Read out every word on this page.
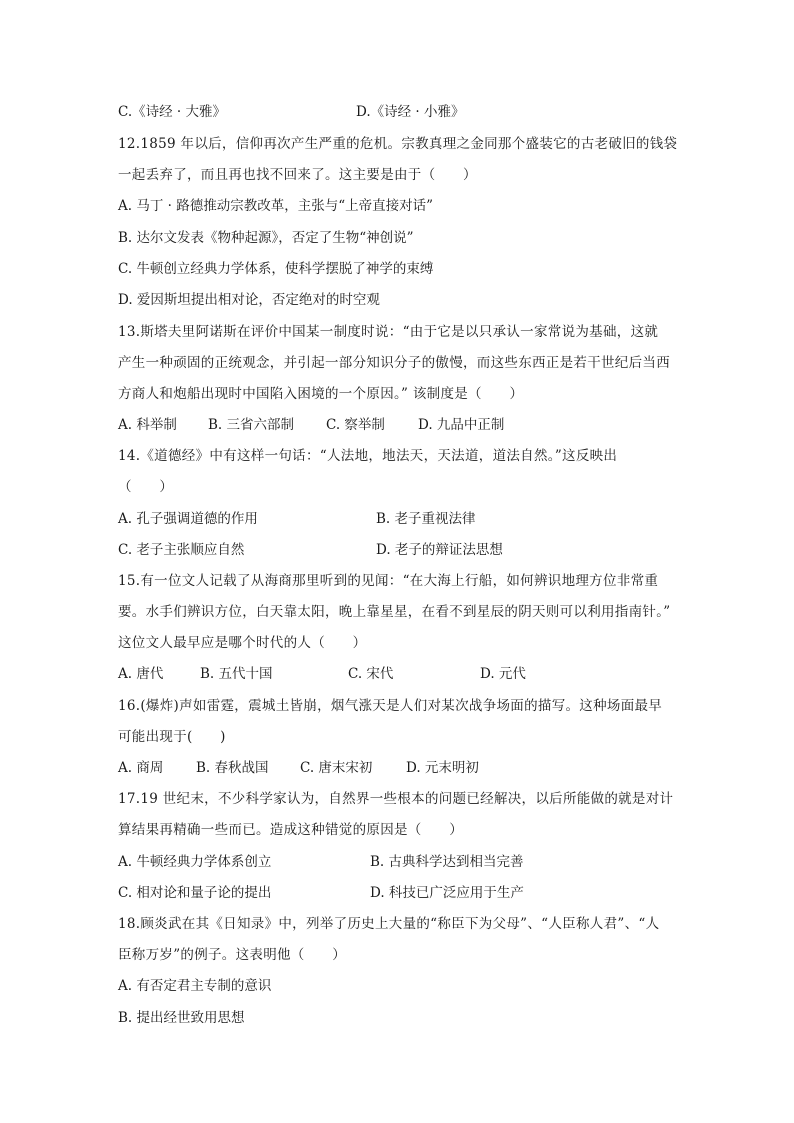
C.《诗经 · 大雅》	D.《诗经 · 小雅》
12.1859 年以后，信仰再次产生严重的危机。宗教真理之金同那个盛装它的古老破旧的钱袋
一起丢弃了，而且再也找不回来了。这主要是由于（　　）
A. 马丁 · 路德推动宗教改革，主张与“上帝直接对话”
B. 达尔文发表《物种起源》，否定了生物“神创说”
C. 牛顿创立经典力学体系，使科学摆脱了神学的束缚
D. 爱因斯坦提出相对论，否定绝对的时空观
13.斯塔夫里阿诺斯在评价中国某一制度时说：“由于它是以只承认一家常说为基础，这就
产生一种顽固的正统观念，并引起一部分知识分子的傲慢，而这些东西正是若干世纪后当西
方商人和炮船出现时中国陷入困境的一个原因。” 该制度是（　　）
A. 科举制 B. 三省六部制 C. 察举制 D. 九品中正制
14.《道德经》中有这样一句话：“人法地，地法天，天法道，道法自然。”这反映出
（　　）
A. 孔子强调道德的作用	B. 老子重视法律
C. 老子主张顺应自然	D. 老子的辩证法思想
15.有一位文人记载了从海商那里听到的见闻：“在大海上行船，如何辨识地理方位非常重
要。水手们辨识方位，白天靠太阳，晚上靠星星，在看不到星辰的阴天则可以利用指南针。”
这位文人最早应是哪个时代的人（　　）
A. 唐代	B. 五代十国	C. 宋代	D. 元代
16.(爆炸)声如雷霆，震城土皆崩，烟气涨天是人们对某次战争场面的描写。这种场面最早
可能出现于(　　)
A. 商周 B. 春秋战国 C. 唐末宋初 D. 元末明初
17.19 世纪末，不少科学家认为，自然界一些根本的问题已经解决，以后所能做的就是对计
算结果再精确一些而已。造成这种错觉的原因是（　　）
A. 牛顿经典力学体系创立	B. 古典科学达到相当完善
C. 相对论和量子论的提出	D. 科技已广泛应用于生产
18.顾炎武在其《日知录》中，列举了历史上大量的“称臣下为父母”、“人臣称人君”、“人
臣称万岁”的例子。这表明他（　　）
A. 有否定君主专制的意识
B. 提出经世致用思想
